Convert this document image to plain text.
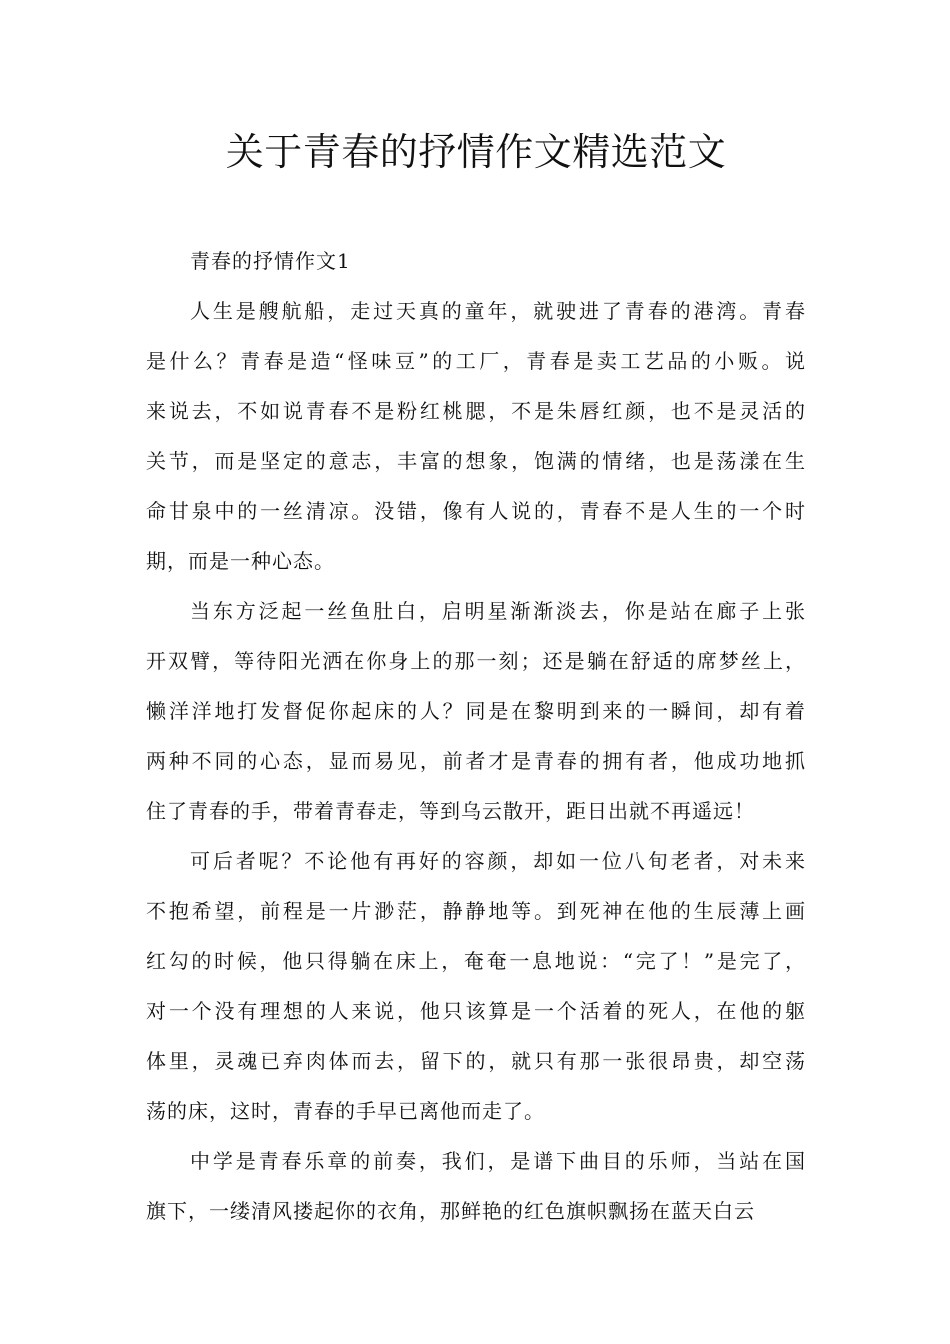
关于青春的抒情作文精选范文
青春的抒情作文1

人生是艘航船，走过天真的童年，就驶进了青春的港湾。青春
是什么？青春是造“怪味豆”的工厂，青春是卖工艺品的小贩。说
来说去，不如说青春不是粉红桃腮，不是朱唇红颜，也不是灵活的
关节，而是坚定的意志，丰富的想象，饱满的情绪，也是荡漾在生
命甘泉中的一丝清凉。没错，像有人说的，青春不是人生的一个时
期，而是一种心态。

当东方泛起一丝鱼肚白，启明星渐渐淡去，你是站在廊子上张
开双臂，等待阳光洒在你身上的那一刻；还是躺在舒适的席梦丝上，
懒洋洋地打发督促你起床的人？同是在黎明到来的一瞬间，却有着
两种不同的心态，显而易见，前者才是青春的拥有者，他成功地抓
住了青春的手，带着青春走，等到乌云散开，距日出就不再遥远！

可后者呢？不论他有再好的容颜，却如一位八旬老者，对未来
不抱希望，前程是一片渺茫，静静地等。到死神在他的生辰薄上画
红勾的时候，他只得躺在床上，奄奄一息地说：“完了！”是完了，
对一个没有理想的人来说，他只该算是一个活着的死人，在他的躯
体里，灵魂已弃肉体而去，留下的，就只有那一张很昂贵，却空荡
荡的床，这时，青春的手早已离他而走了。

中学是青春乐章的前奏，我们，是谱下曲目的乐师，当站在国
旗下，一缕清风搂起你的衣角，那鲜艳的红色旗帜飘扬在蓝天白云
